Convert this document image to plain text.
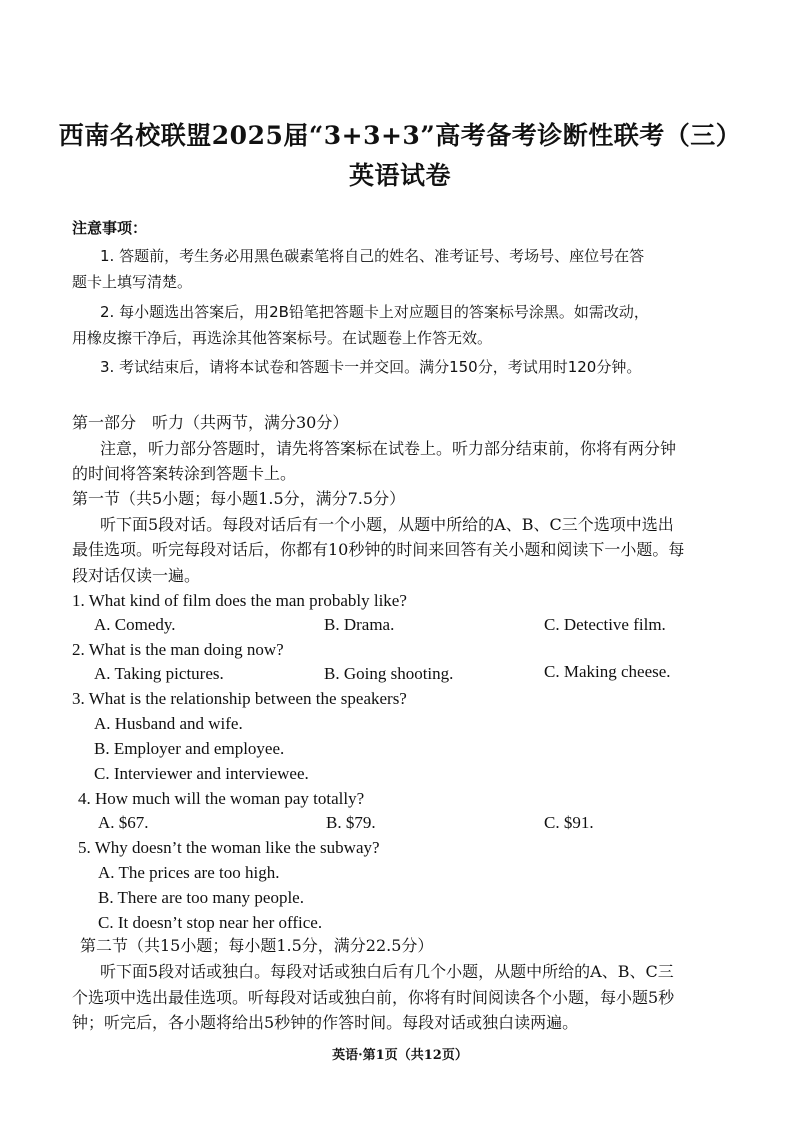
西南名校联盟2025届“3+3+3”高考备考诊断性联考（三）
英语试卷
注意事项：
1. 答题前，考生务必用黑色碳素笔将自己的姓名、准考证号、考场号、座位号在答
题卡上填写清楚。
2. 每小题选出答案后，用2B铅笔把答题卡上对应题目的答案标号涂黑。如需改动，
用橡皮擦干净后，再选涂其他答案标号。在试题卷上作答无效。
3. 考试结束后，请将本试卷和答题卡一并交回。满分150分，考试用时120分钟。
第一部分　听力（共两节，满分30分）
注意，听力部分答题时，请先将答案标在试卷上。听力部分结束前，你将有两分钟
的时间将答案转涂到答题卡上。
第一节（共5小题；每小题1.5分，满分7.5分）
听下面5段对话。每段对话后有一个小题，从题中所给的A、B、C三个选项中选出
最佳选项。听完每段对话后，你都有10秒钟的时间来回答有关小题和阅读下一小题。每
段对话仅读一遍。
1. What kind of film does the man probably like?
A. Comedy.	B. Drama.	C. Detective film.
2. What is the man doing now?
A. Taking pictures.	B. Going shooting.	C. Making cheese.
3. What is the relationship between the speakers?
A. Husband and wife.
B. Employer and employee.
C. Interviewer and interviewee.
4. How much will the woman pay totally?
A. $67.	B. $79.	C. $91.
5. Why doesn’t the woman like the subway?
A. The prices are too high.
B. There are too many people.
C. It doesn’t stop near her office.
第二节（共15小题；每小题1.5分，满分22.5分）
听下面5段对话或独白。每段对话或独白后有几个小题，从题中所给的A、B、C三
个选项中选出最佳选项。听每段对话或独白前，你将有时间阅读各个小题，每小题5秒
钟；听完后，各小题将给出5秒钟的作答时间。每段对话或独白读两遍。
英语·第1页（共12页）
